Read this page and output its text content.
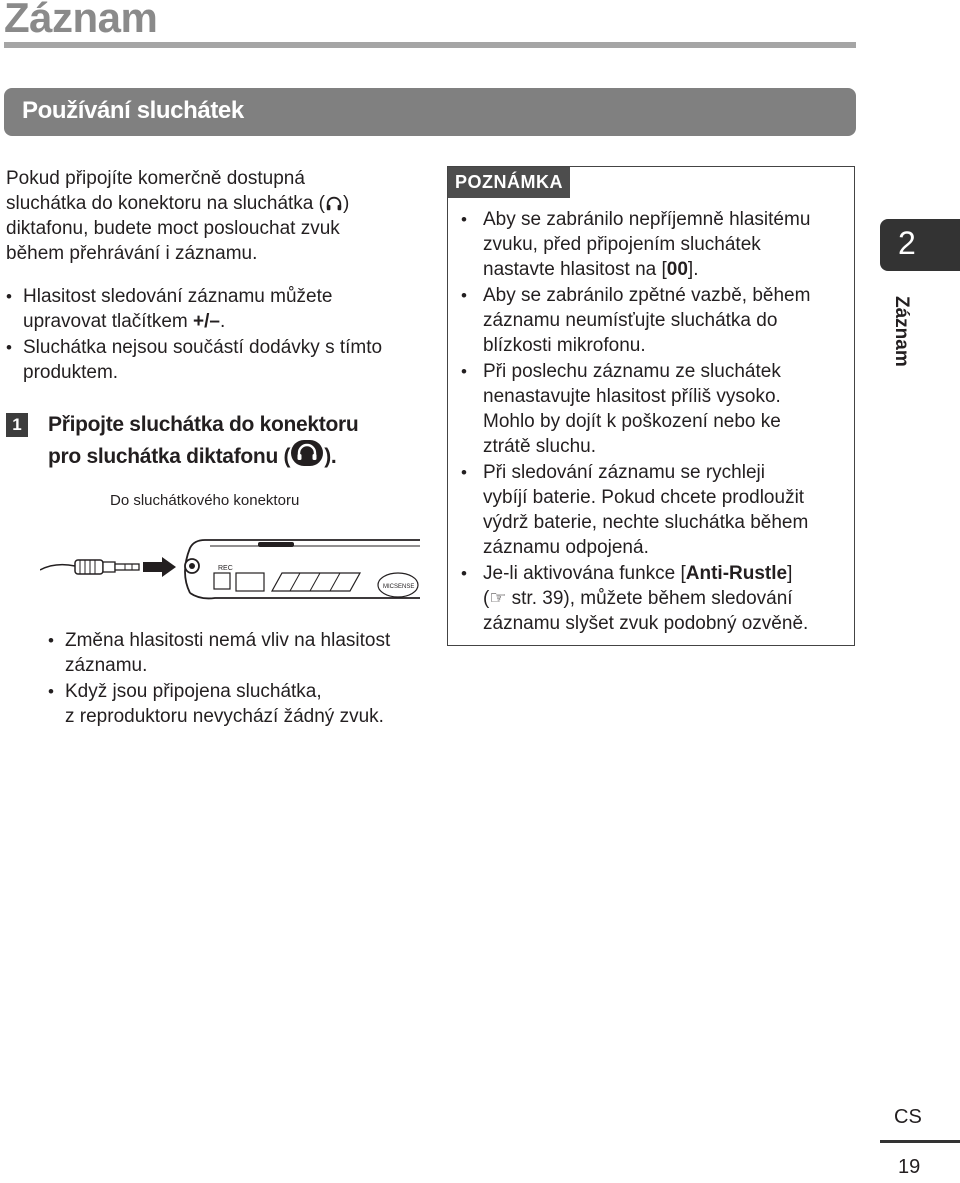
Záznam
Používání sluchátek

Pokud připojíte komerčně dostupná
sluchátka do konektoru na sluchátka ( )
diktafonu, budete moct poslouchat zvuk
během přehrávání i záznamu.

• Hlasitost sledování záznamu můžete
upravovat tlačítkem +/–.
• Sluchátka nejsou součástí dodávky s tímto
produktem.
1 Připojte sluchátka do konektoru
pro sluchátka diktafonu ( ).

Do sluchátkového konektoru
REC
MICSENSE
• Změna hlasitosti nemá vliv na hlasitost
záznamu.
• Když jsou připojena sluchátka,
z reproduktoru nevychází žádný zvuk.
POZNÁMKA
• Aby se zabránilo nepříjemně hlasitému
zvuku, před připojením sluchátek
nastavte hlasitost na [00].
• Aby se zabránilo zpětné vazbě, během
záznamu neumísťujte sluchátka do
blízkosti mikrofonu.
• Při poslechu záznamu ze sluchátek
nenastavujte hlasitost příliš vysoko.
Mohlo by dojít k poškození nebo ke
ztrátě sluchu.
• Při sledování záznamu se rychleji
vybíjí baterie. Pokud chcete prodloužit
výdrž baterie, nechte sluchátka během
záznamu odpojená.
• Je-li aktivována funkce [Anti-Rustle]
(☞ str. 39), můžete během sledování
záznamu slyšet zvuk podobný ozvěně.
2
Záznam
CS
19
